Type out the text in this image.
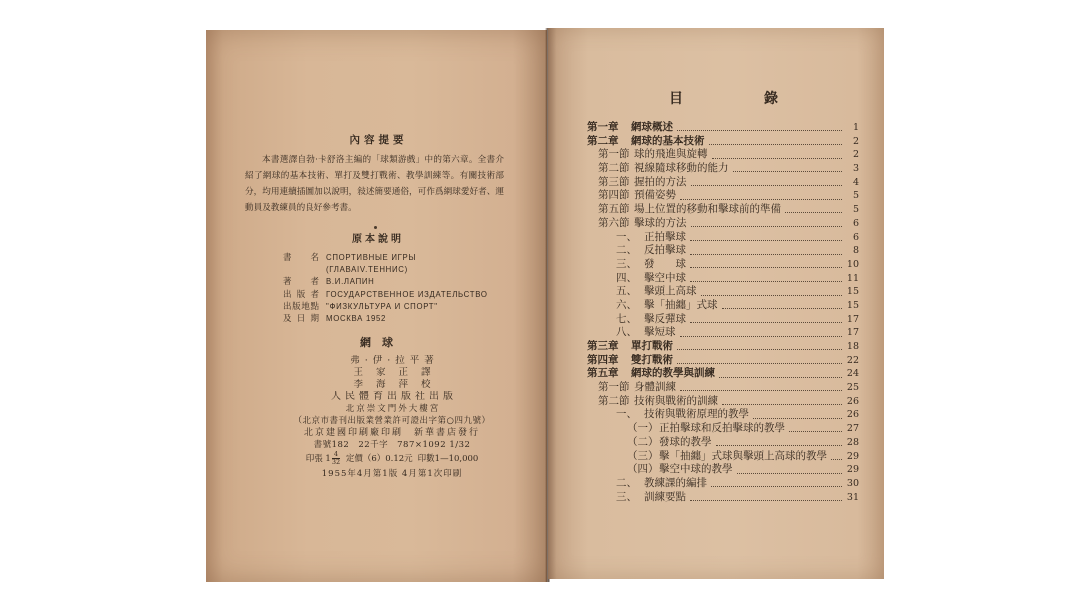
內容提要
本書選譯自勃·卡舒洛主編的「球類游戲」中的第六章。全書介
紹了網球的基本技術、單打及雙打戰術、教學訓練等。有關技術部
分，均用連續插圖加以說明，敍述簡要通俗，可作爲網球愛好者、運
動員及教練員的良好參考書。
原本說明
書名 СПОРТИВНЫЕ ИГРЫ
(ГЛАВАIV.ТЕННИС)
著者 В.И.ЛАПИН
出版者 ГОСУДАРСТВЕННОЕ ИЗДАТЕЛЬСТВО
出版地點 "ФИЗКУЛЬТУРА И СПОРТ"
及日期 МОСКВА 1952
網球
弗·伊·拉平著
王家正譯
李海萍校
人民體育出版社出版
北京崇文門外大樓宮
（北京市書刊出版業營業許可證出字第○四九號）
北京建國印刷廠印刷　新華書店發行
書號182　22千字　787×1092 1/32
印張 $1 \frac{4}{32}$ 定價（6）0.12元 印數1—10,000
1955年4月第1版 4月第1次印刷
目錄
第一章	網球概述	1
第二章	網球的基本技術	2
第一節 球的飛進與旋轉	2
第二節 視線隨球移動的能力	3
第三節 握拍的方法	4
第四節 預備姿勢	5
第五節 場上位置的移動和擊球前的準備	5
第六節 擊球的方法	6
一、 正拍擊球	6
二、 反拍擊球	8
三、 發　　球	10
四、 擊空中球	11
五、 擊頭上高球	15
六、 擊「抽纏」式球	15
七、 擊反彈球	17
八、 擊短球	17
第三章	單打戰術	18
第四章	雙打戰術	22
第五章	網球的教學與訓練	24
第一節 身體訓練	25
第二節 技術與戰術的訓練	26
一、 技術與戰術原理的教學	26
（一） 正拍擊球和反拍擊球的教學	27
（二） 發球的教學	28
（三） 擊「抽纏」式球與擊頭上高球的教學	29
（四） 擊空中球的教學	29
二、 教練課的編排	30
三、 訓練要點	31
